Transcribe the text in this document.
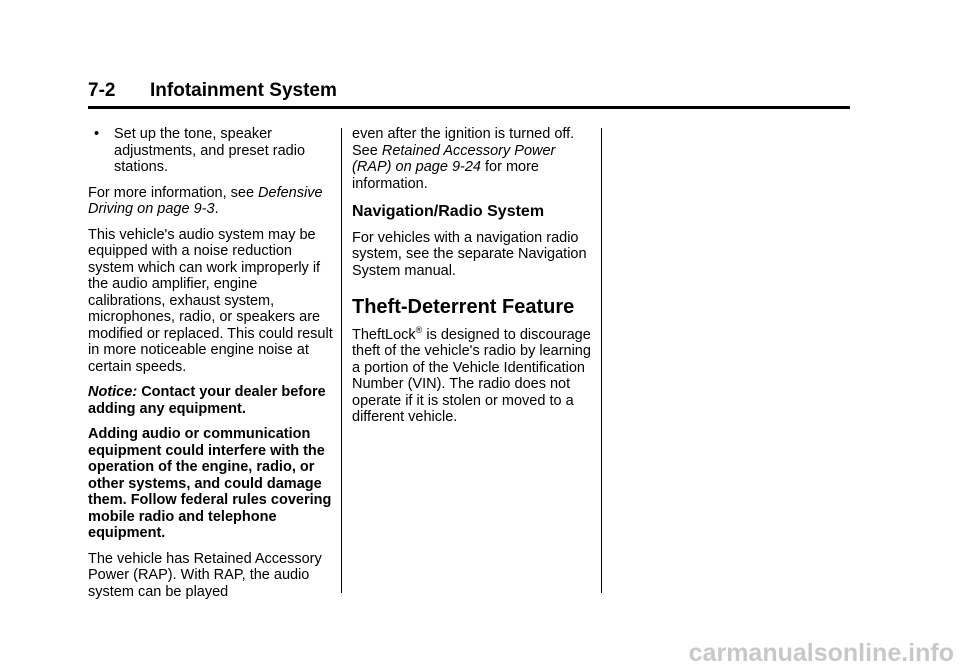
7-2 Infotainment System
• Set up the tone, speaker adjustments, and preset radio stations.

For more information, see Defensive Driving on page 9-3.

This vehicle's audio system may be equipped with a noise reduction system which can work improperly if the audio amplifier, engine calibrations, exhaust system, microphones, radio, or speakers are modified or replaced. This could result in more noticeable engine noise at certain speeds.

Notice: Contact your dealer before adding any equipment.

Adding audio or communication equipment could interfere with the operation of the engine, radio, or other systems, and could damage them. Follow federal rules covering mobile radio and telephone equipment.

The vehicle has Retained Accessory Power (RAP). With RAP, the audio system can be played

even after the ignition is turned off. See Retained Accessory Power (RAP) on page 9-24 for more information.

Navigation/Radio System

For vehicles with a navigation radio system, see the separate Navigation System manual.

Theft-Deterrent Feature

TheftLock® is designed to discourage theft of the vehicle's radio by learning a portion of the Vehicle Identification Number (VIN). The radio does not operate if it is stolen or moved to a different vehicle.

carmanualsonline.info
